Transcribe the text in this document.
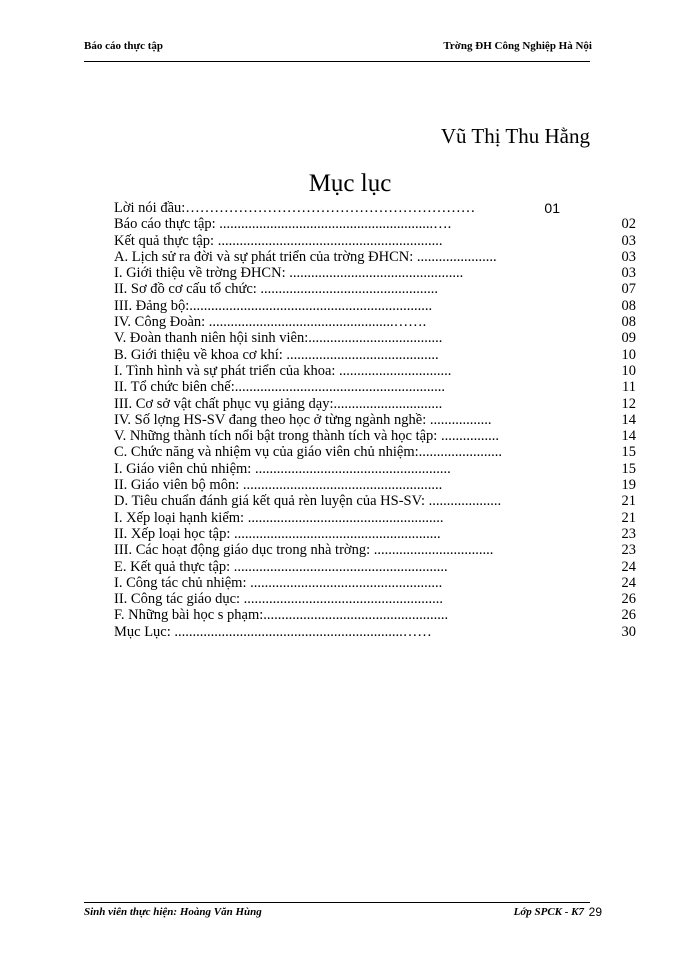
Báo cáo thực tập	Trờng ĐH Công Nghiệp Hà Nội
Vũ Thị Thu Hằng
Mục lục
Lời nói đầu:……………………………………………………	01
Báo cáo thực tập: ...........................................................….	02
Kết quả thực tập: ..............................................................	03
A. Lịch sử ra đời và sự phát triển của trờng ĐHCN: ......................	03
I. Giới thiệu về trờng ĐHCN: ................................................	03
II. Sơ đồ cơ cấu tổ chức: .................................................	07
III. Đảng bộ:...................................................................	08
IV. Công Đoàn: ...................................................…….	08
V. Đoàn thanh niên hội sinh viên:.....................................	09
B. Giới thiệu về khoa cơ khí: ..........................................	10
I. Tình hình và sự phát triển của khoa: ...............................	10
II. Tổ chức biên chế:..........................................................	11
III. Cơ sở vật chất phục vụ giảng dạy:..............................	12
IV. Số lợng HS-SV đang theo học ở từng ngành nghề: .................	14
V. Những thành tích nổi bật trong thành tích và học tập: ................	14
C. Chức năng và nhiệm vụ của giáo viên chủ nhiệm:.......................	15
I. Giáo viên chủ nhiệm: ......................................................	15
II. Giáo viên bộ môn: .......................................................	19
D. Tiêu chuẩn đánh giá kết quả rèn luyện của HS-SV: ....................	21
I. Xếp loại hạnh kiểm: ......................................................	21
II. Xếp loại học tập: .........................................................	23
III. Các hoạt động giáo dục trong nhà trờng: .................................	23
E. Kết quả thực tập: ...........................................................	24
I. Công tác chủ nhiệm: .....................................................	24
II. Công tác giáo dục: .......................................................	26
F. Những bài học s phạm:...................................................	26
Mục Lục: ...............................................................……	30
Sinh viên thực hiện: Hoàng Văn Hùng	Lớp SPCK - K7 29
